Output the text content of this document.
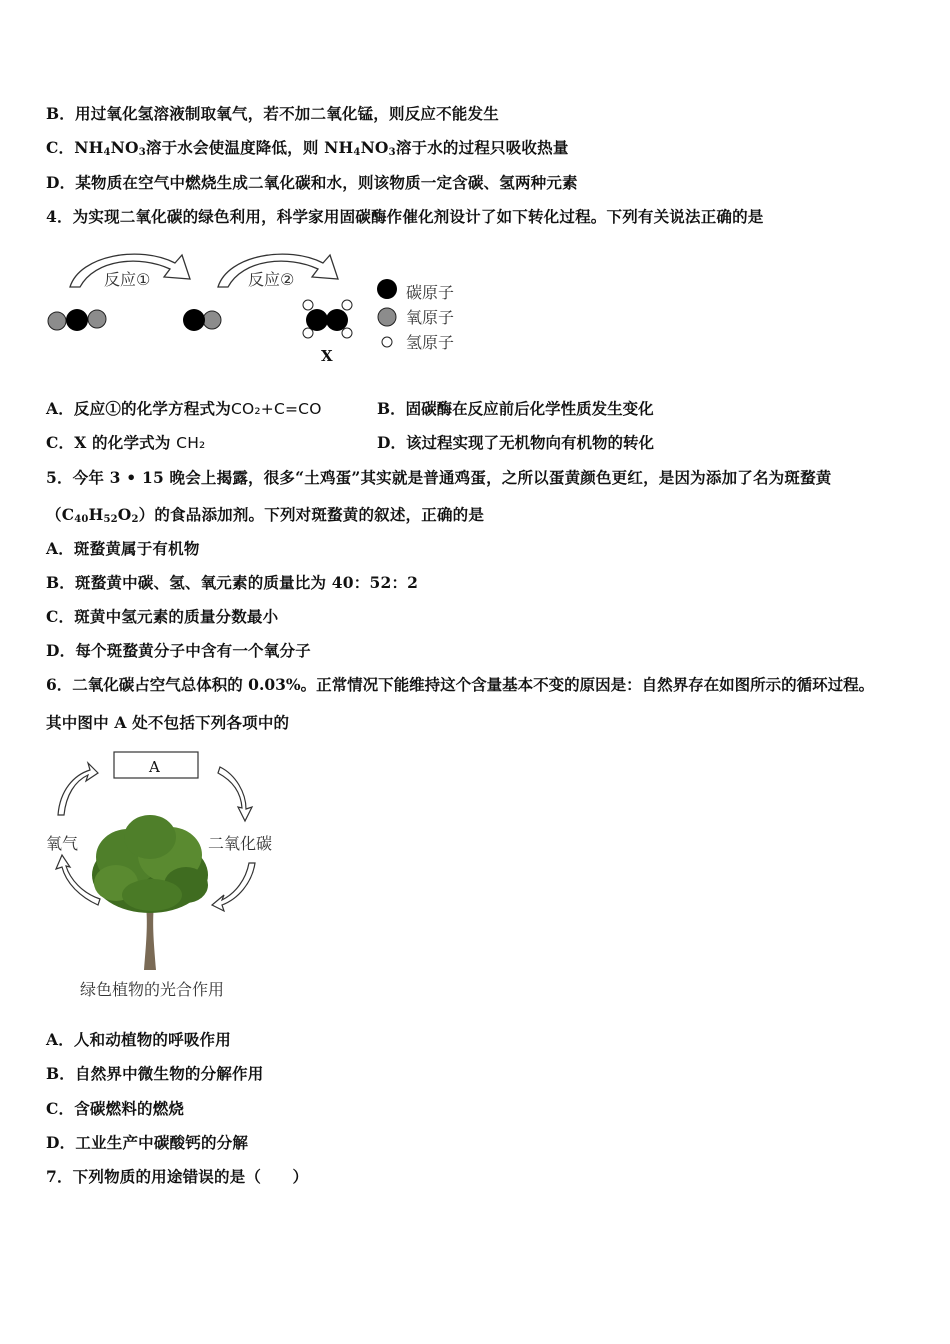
B．用过氧化氢溶液制取氧气，若不加二氧化锰，则反应不能发生
C．$NH_4NO_3$溶于水会使温度降低，则 $NH_4NO_3$溶于水的过程只吸收热量
D．某物质在空气中燃烧生成二氧化碳和水，则该物质一定含碳、氢两种元素
4．为实现二氧化碳的绿色利用，科学家用固碳酶作催化剂设计了如下转化过程。下列有关说法正确的是
反应①	反应②
X
碳原子
氧原子
氢原子
A．反应①的化学方程式为CO₂+C=CO	B．固碳酶在反应前后化学性质发生变化
C．X 的化学式为 CH₂	D．该过程实现了无机物向有机物的转化
5．今年 3 • 15 晚会上揭露，很多“土鸡蛋”其实就是普通鸡蛋，之所以蛋黄颜色更红，是因为添加了名为斑蝥黄
$(C_{40}H_{52}O_2)$的食品添加剂。下列对斑蝥黄的叙述，正确的是
A．斑蝥黄属于有机物
B．斑蝥黄中碳、氢、氧元素的质量比为 40：52：2
C．斑黄中氢元素的质量分数最小
D．每个斑蝥黄分子中含有一个氧分子
6．二氧化碳占空气总体积的 0.03%。正常情况下能维持这个含量基本不变的原因是：自然界存在如图所示的循环过程。
其中图中 A 处不包括下列各项中的
A
氧气	二氧化碳
绿色植物的光合作用
A．人和动植物的呼吸作用
B．自然界中微生物的分解作用
C．含碳燃料的燃烧
D．工业生产中碳酸钙的分解
7．下列物质的用途错误的是（　　）
